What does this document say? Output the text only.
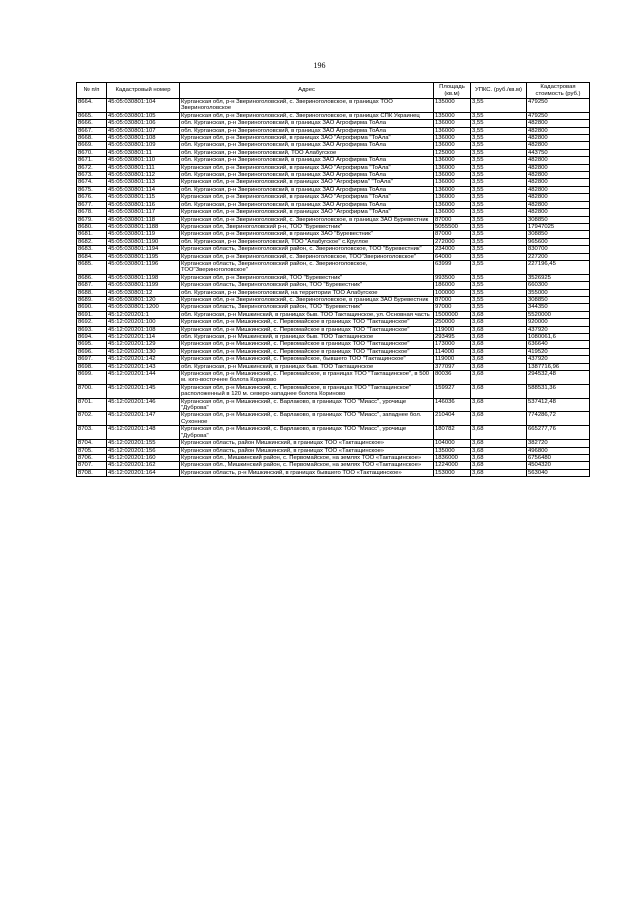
196
№ п/п	Кадастровый номер	Адрес	Площадь (кв.м)	УПКС. (руб./кв.м)	Кадастровая стоимость (руб.)
8664.	45:05:030801:104	Курганская обл, р-н Звериноголовский, с. Звериноголовское, в границах ТОО Звериноголовское	135000	3,55	479250
8665.	45:05:030801:105	Курганская обл, р-н Звериноголовский, с. Звериноголовское, в границах СПК Украинец	135000	3,55	479250
8666.	45:05:030801:106	обл. Курганская, р-н Звериноголовский, в границах ЗАО Агрофирма ТоАла	136000	3,55	482800
8667.	45:05:030801:107	обл. Курганская, р-н Звериноголовский, в границах ЗАО Агрофирма ТоАла	136000	3,55	482800
8668.	45:05:030801:108	Курганская обл, р-н Звериноголовский, в границах ЗАО "Агрофирма "ТоАла"	136000	3,55	482800
8669.	45:05:030801:109	обл. Курганская, р-н Звериноголовский, в границах ЗАО Агрофирма ТоАла	136000	3,55	482800
8670.	45:05:030801:11	обл. Курганская, р-н Звериноголовский, ТОО Алабугское	125000	3,55	443750
8671.	45:05:030801:110	обл. Курганская, р-н Звериноголовский, в границах ЗАО Агрофирма ТоАла	136000	3,55	482800
8672.	45:05:030801:111	Курганская обл, р-н Звериноголовский, в границах ЗАО "Агрофирма "ТоАла"	136000	3,55	482800
8673.	45:05:030801:112	обл. Курганская, р-н Звериноголовский, в границах ЗАО Агрофирма ТоАла	136000	3,55	482800
8674.	45:05:030801:113	Курганская обл, р-н Звериноголовский, в границах ЗАО "Агрофирма" "ТоАла"	136000	3,55	482800
8675.	45:05:030801:114	обл. Курганская, р-н Звериноголовский, в границах ЗАО Агрофирма ТоАла	136000	3,55	482800
8676.	45:05:030801:115	Курганская обл, р-н Звериноголовский, в границах ЗАО "Агрофирма "ТоАла"	136000	3,55	482800
8677.	45:05:030801:116	обл. Курганская, р-н Звериноголовский, в границах ЗАО Агрофирма ТоАла	136000	3,55	482800
8678.	45:05:030801:117	Курганская обл, р-н Звериноголовский, в границах ЗАО "Агрофирма "ТоАла"	136000	3,55	482800
8679.	45:05:030801:118	Курганская обл, р-н Звериноголовский, с. Звериноголовское, в границах ЗАО Буревестник	87000	3,55	308850
8680.	45:05:030801:1188	Курганская обл, Звериноголовский р-н, ТОО "Буревестник"	5055500	3,55	17947025
8681.	45:05:030801:119	Курганская обл, р-н Звериноголовский, в границах ЗАО "Буревестник"	87000	3,55	308850
8682.	45:05:030801:1190	обл. Курганская, р-н Звериноголовский, ТОО "Алабугское" с.Круглое	272000	3,55	965600
8683.	45:05:030801:1194	Курганская область, Звериноголовский район, с. Звериноголовское, ТОО "Буревестник"	234000	3,55	830700
8684.	45:05:030801:1195	Курганская обл, р-н Звериноголовский, с. Звериноголовское, ТОО"Звериноголовское"	64000	3,55	227200
8685.	45:05:030801:1196	Курганская область, Звериноголовский район, с. Звериноголовское, ТОО"Звериноголовское"	63999	3,55	227196,45
8686.	45:05:030801:1198	Курганская обл, р-н Звериноголовский, ТОО "Буревестник"	993500	3,55	3526925
8687.	45:05:030801:1199	Курганская область, Звериноголовский район, ТОО "Буревестник"	186000	3,55	660300
8688.	45:05:030801:12	обл. Курганская, р-н Звериноголовский, на территории ТОО Алабугское	100000	3,55	355000
8689.	45:05:030801:120	Курганская обл, р-н Звериноголовский, с. Звериноголовское, в границах ЗАО Буревестник	87000	3,55	308850
8690.	45:05:030801:1200	Курганская область, Звериноголовский район, ТОО "Буревестник"	97000	3,55	344350
8691.	45:12:020201:1	обл. Курганская, р-н Мишкинский, в границах быв. ТОО Тактащинское, ул. Основная часть	1500000	3,68	5520000
8692.	45:12:020201:100	Курганская обл, р-н Мишкинский, с. Первомайское в границах ТОО "Тактащинское"	250000	3,68	920000
8693.	45:12:020201:108	Курганская обл, р-н Мишкинский, с. Первомайское в границах ТОО "Тактащинское"	119000	3,68	437920
8694.	45:12:020201:114	обл. Курганская, р-н Мишкинский, в границах быв. ТОО Тактащинское	293495	3,68	1080061,6
8695.	45:12:020201:129	Курганская обл, р-н Мишкинский, с. Первомайское в границах ТОО "Тактащинское"	173000	3,68	636640
8696.	45:12:020201:130	Курганская обл, р-н Мишкинский, с. Первомайское в границах ТОО "Тактащинское"	114000	3,68	419520
8697.	45:12:020201:142	Курганская обл, р-н Мишкинский, с. Первомайское, бывшего ТОО "Тактащинское"	119000	3,68	437920
8698.	45:12:020201:143	обл. Курганская, р-н Мишкинский, в границах быв. ТОО Тактащинское	377097	3,68	1387716,96
8699.	45:12:020201:144	Курганская обл, р-н Мишкинский, с. Первомайское, в границах ТОО "Тактащинское", в 500 м. юго-восточнее болота Кориново	80036	3,68	294532,48
8700.	45:12:020201:145	Курганская обл, р-н Мишкинский, с. Первомайское, в границах ТОО "Тактащинское" расположенный в 120 м. северо-западнее болота Кориново	159927	3,68	588531,36
8701.	45:12:020201:146	Курганская обл, р-н Мишкинский, с. Варлаково, в границах ТОО "Миасс", урочище "Дуброва"	146036	3,68	537412,48
8702.	45:12:020201:147	Курганская обл, р-н Мишкинский, с. Варлаково, в границах ТОО "Миасс", западнее бол. Сухонное	210404	3,68	774286,72
8703.	45:12:020201:148	Курганская обл, р-н Мишкинский, с. Варлаково, в границах ТОО "Миасс", урочище "Дуброва"	180782	3,68	665277,76
8704.	45:12:020201:155	Курганская область, район Мишкинский, в границах ТОО «Тактащинское»	104000	3,68	382720
8705.	45:12:020201:156	Курганская область, район Мишкинский, в границах ТОО «Тактащинское»	135000	3,68	496800
8706.	45:12:020201:160	Курганская обл., Мишкинский район, с. Первомайское, на землях ТОО «Тактащинское»	1836000	3,68	6756480
8707.	45:12:020201:162	Курганская обл., Мишкинский район, с. Первомайское, на землях ТОО «Тактащинское»	1224000	3,68	4504320
8708.	45:12:020201:164	Курганская область, р-н Мишкинский, в границах бывшего ТОО «Тактащинское»	153000	3,68	563040
